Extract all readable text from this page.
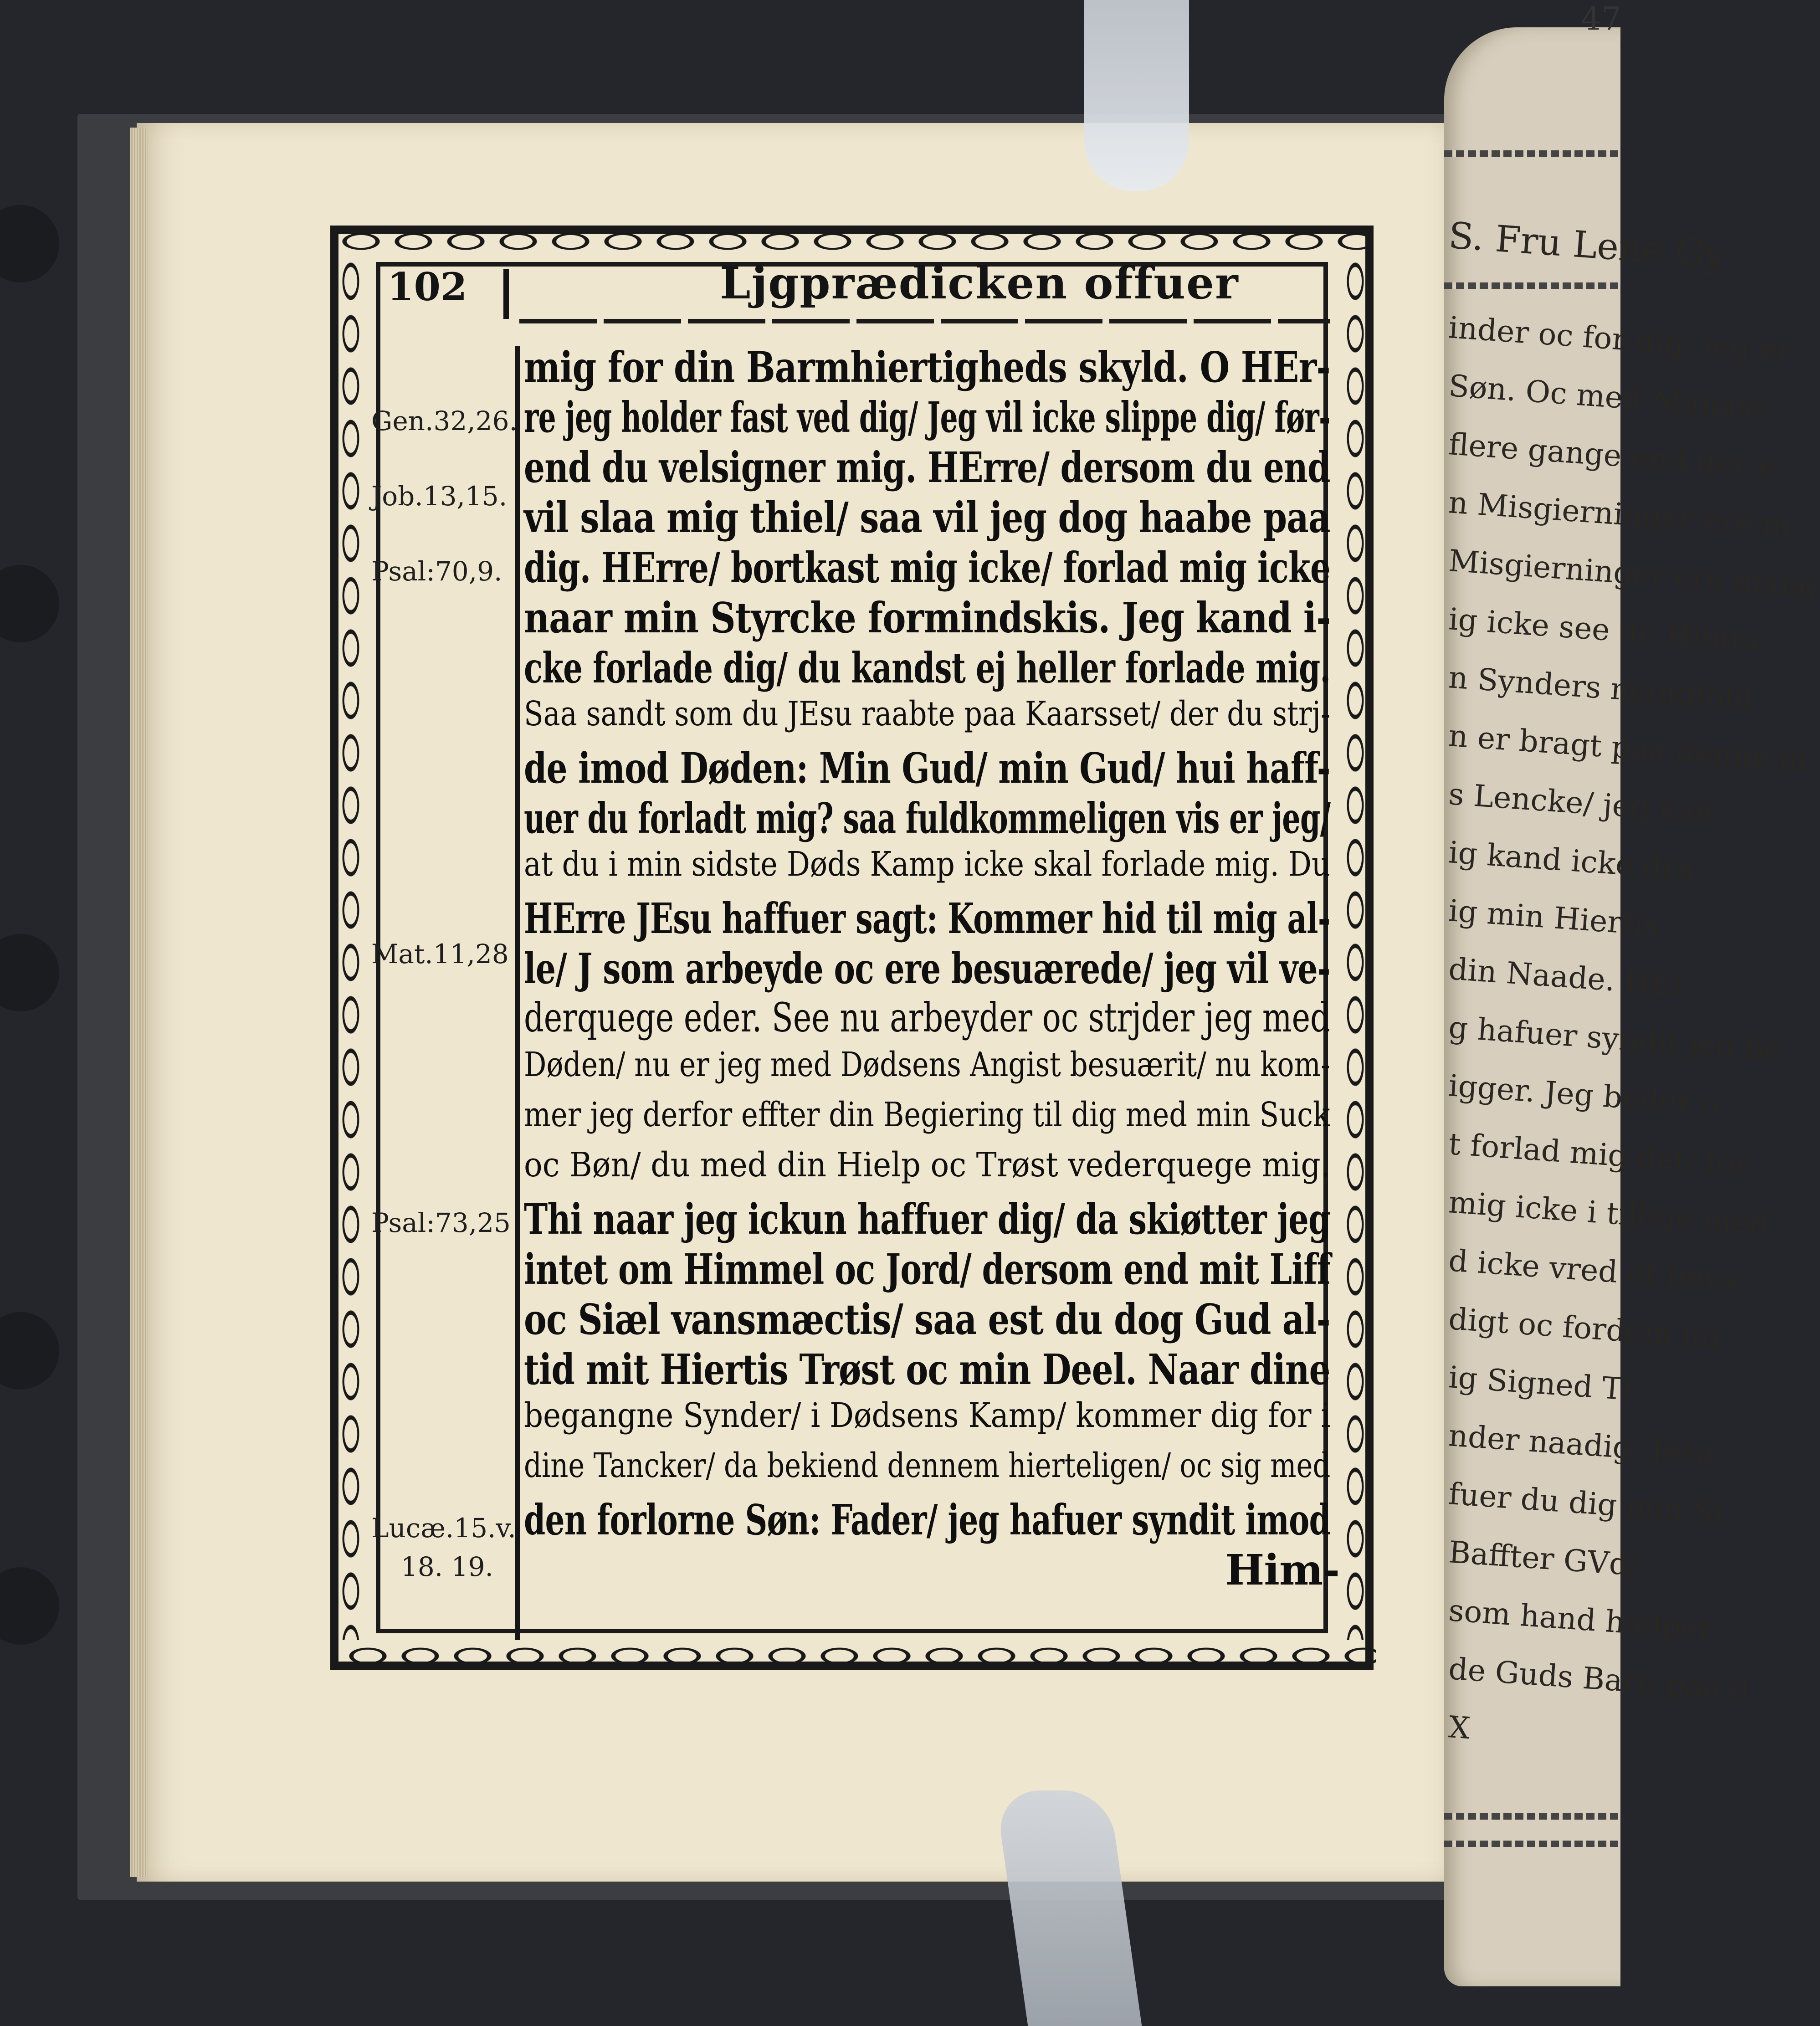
S. Fru Lene Gy
inder oc for dig/ jeg er
Søn. Oc med Manass
flere gange end der e
n Misgierninger ere m
Misgierninger ere mang
ig icke see de Himm
n Synders mangfold
n er bragt paa denne m
s Lencke/ jeg kan
ig kand icke dra
ig min Hiertis
din Naade. HEr
g hafuer syndit jeg be
igger. Jeg beder o
t forlad mig det/ for
mig icke i tillige med
d icke vred at beva
digt oc fordom mi
ig Signed Ti
nder naadig. Jesu
fuer du dig min Si
Baffter GVd/
som hand hielper
de Guds Barn paa d
X
47
102	Ljgprædicken offuer
Gen.32,26.
Job.13,15.
Psal:70,9.
Mat.11,28
Psal:73,25
Lucæ.15.v.
18. 19.
mig for din Barmhiertigheds skyld. O HEr-
re jeg holder fast ved dig/ Jeg vil icke slippe dig/ før-
end du velsigner mig. HErre/ dersom du end
vil slaa mig thiel/ saa vil jeg dog haabe paa
dig. HErre/ bortkast mig icke/ forlad mig icke
naar min Styrcke formindskis. Jeg kand i-
cke forlade dig/ du kandst ej heller forlade mig.
Saa sandt som du JEsu raabte paa Kaarsset/ der du strj-
de imod Døden: Min Gud/ min Gud/ hui haff-
uer du forladt mig? saa fuldkommeligen vis er jeg/
at du i min sidste Døds Kamp icke skal forlade mig. Du
HErre JEsu haffuer sagt: Kommer hid til mig al-
le/ J som arbeyde oc ere besuærede/ jeg vil ve-
derquege eder. See nu arbeyder oc strjder jeg med
Døden/ nu er jeg med Dødsens Angist besuærit/ nu kom-
mer jeg derfor effter din Begiering til dig med min Suck
oc Bøn/ du med din Hielp oc Trøst vederquege mig.
Thi naar jeg ickun haffuer dig/ da skiøtter jeg
intet om Himmel oc Jord/ dersom end mit Liff
oc Siæl vansmæctis/ saa est du dog Gud al-
tid mit Hiertis Trøst oc min Deel. Naar dine
begangne Synder/ i Dødsens Kamp/ kommer dig for i
dine Tancker/ da bekiend dennem hierteligen/ oc sig med
den forlorne Søn: Fader/ jeg hafuer syndit imod
Him-
